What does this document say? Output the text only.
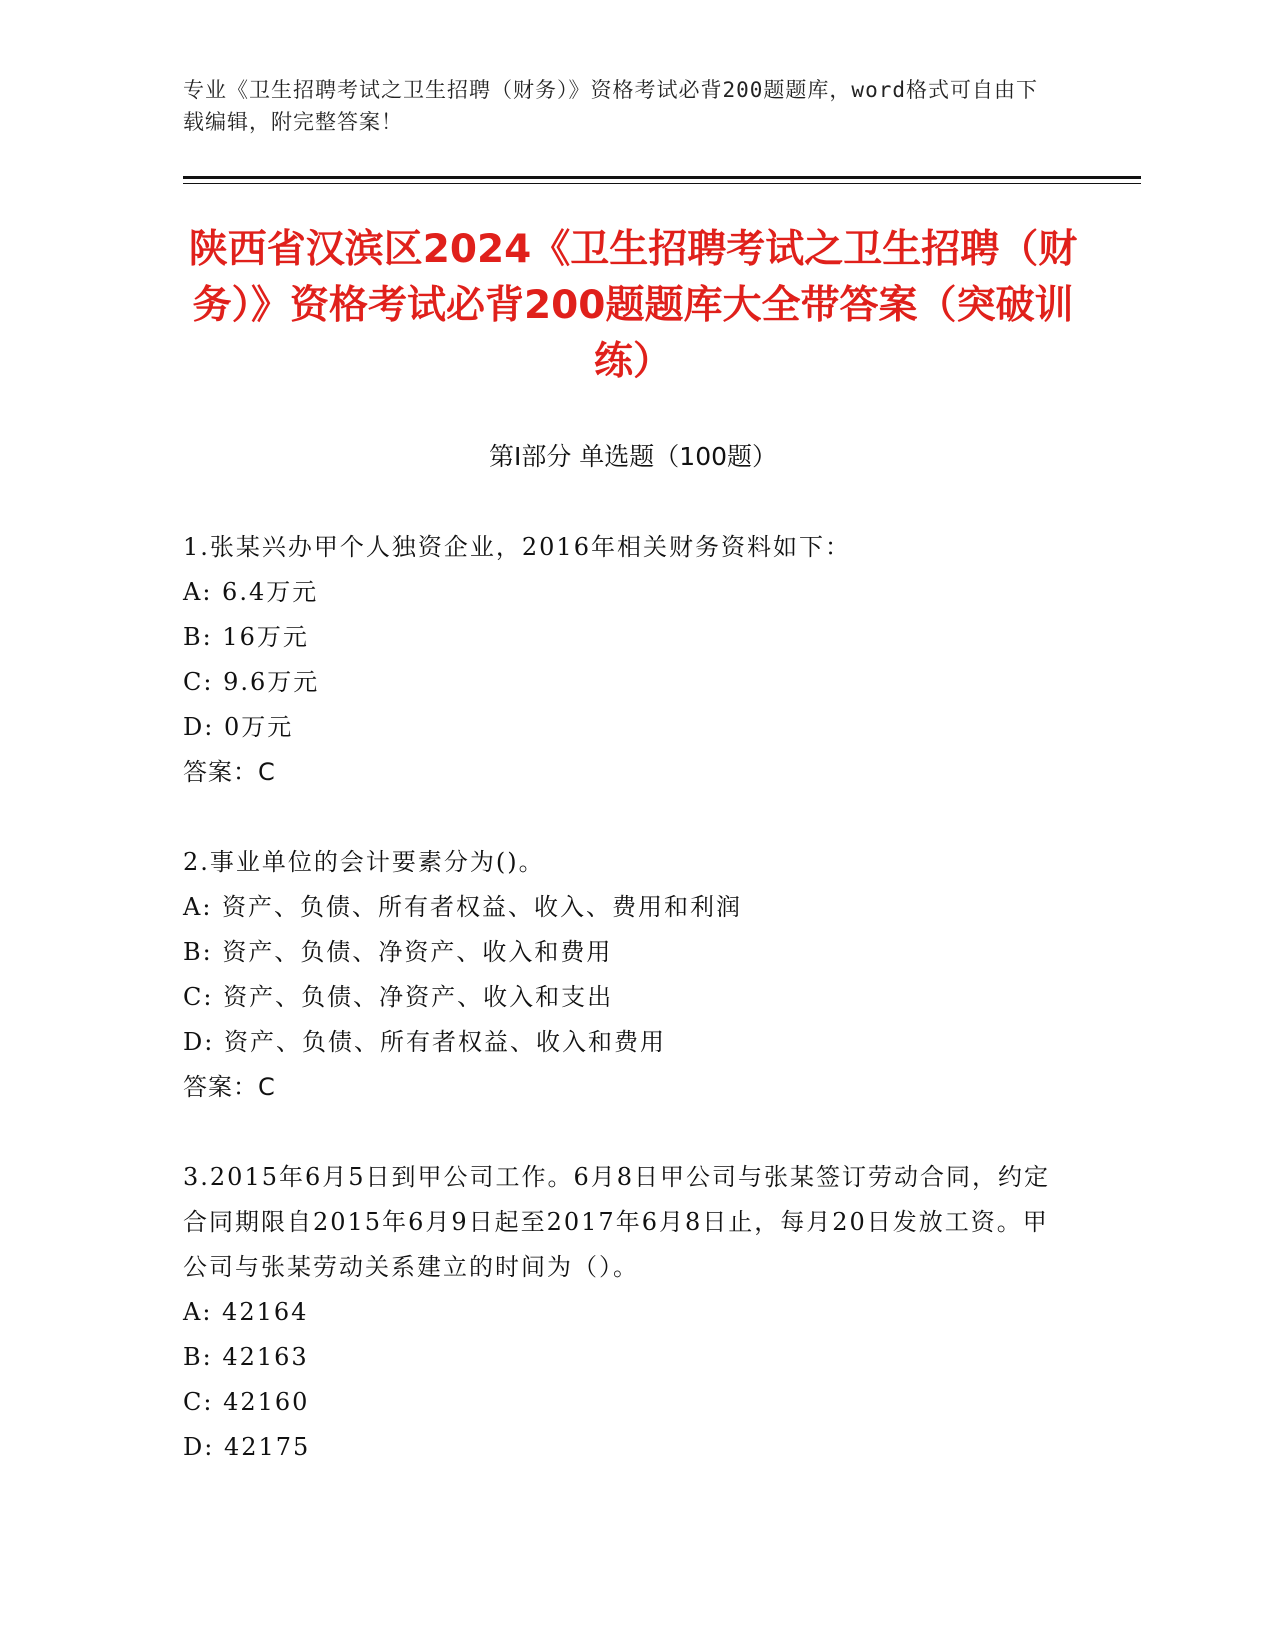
专业《卫生招聘考试之卫生招聘（财务）》资格考试必背200题题库，word格式可自由下载编辑，附完整答案！
陕西省汉滨区2024《卫生招聘考试之卫生招聘（财务）》资格考试必背200题题库大全带答案（突破训练）
第I部分 单选题（100题）
1.张某兴办甲个人独资企业，2016年相关财务资料如下：
A: 6.4万元
B: 16万元
C: 9.6万元
D: 0万元
答案：C
2.事业单位的会计要素分为()。
A: 资产、负债、所有者权益、收入、费用和利润
B: 资产、负债、净资产、收入和费用
C: 资产、负债、净资产、收入和支出
D: 资产、负债、所有者权益、收入和费用
答案：C
3.2015年6月5日到甲公司工作。6月8日甲公司与张某签订劳动合同，约定合同期限自2015年6月9日起至2017年6月8日止，每月20日发放工资。甲公司与张某劳动关系建立的时间为（）。
A: 42164
B: 42163
C: 42160
D: 42175
